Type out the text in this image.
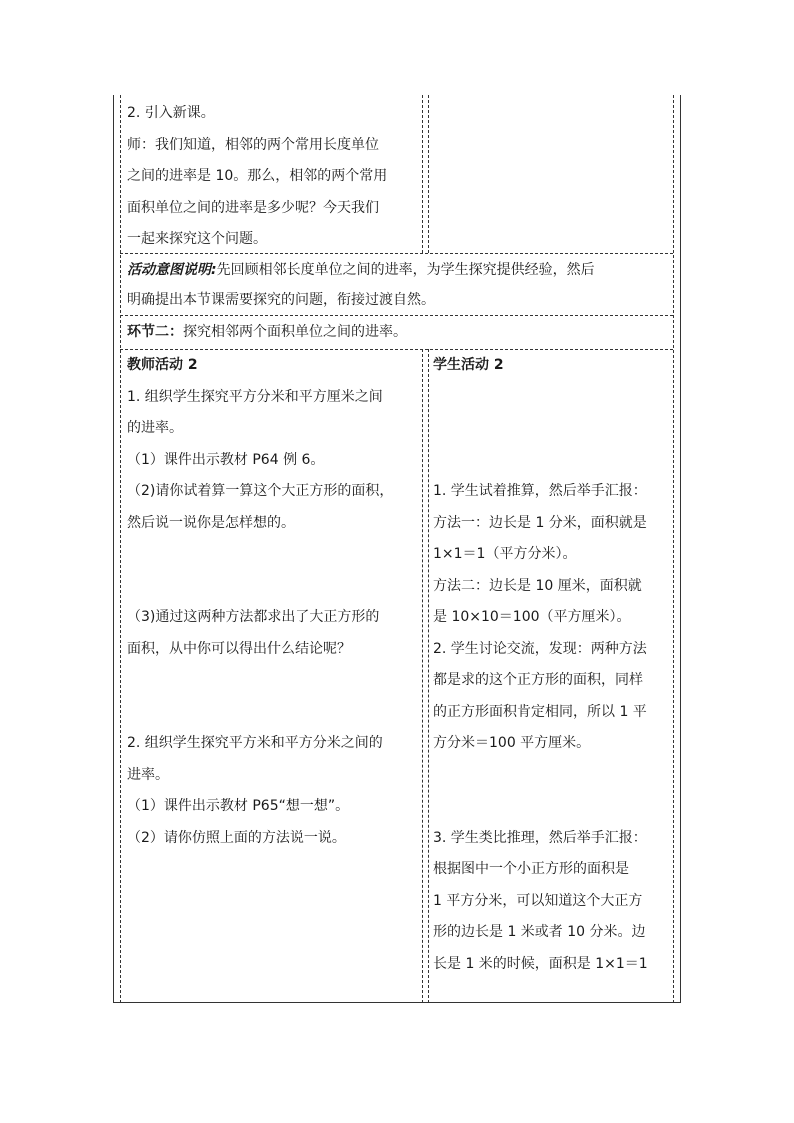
2. 引入新课。
师：我们知道，相邻的两个常用长度单位
之间的进率是 10。那么，相邻的两个常用
面积单位之间的进率是多少呢？今天我们
一起来探究这个问题。
活动意图说明:先回顾相邻长度单位之间的进率，为学生探究提供经验，然后
明确提出本节课需要探究的问题，衔接过渡自然。
环节二：探究相邻两个面积单位之间的进率。
教师活动 2
1. 组织学生探究平方分米和平方厘米之间
的进率。
（1）课件出示教材 P64 例 6。
（2)请你试着算一算这个大正方形的面积，
然后说一说你是怎样想的。
（3)通过这两种方法都求出了大正方形的
面积，从中你可以得出什么结论呢？
2. 组织学生探究平方米和平方分米之间的
进率。
（1）课件出示教材 P65“想一想”。
（2）请你仿照上面的方法说一说。
学生活动 2
1. 学生试着推算，然后举手汇报：
方法一：边长是 1 分米，面积就是
1×1＝1（平方分米）。
方法二：边长是 10 厘米，面积就
是 10×10＝100（平方厘米）。
2. 学生讨论交流，发现：两种方法
都是求的这个正方形的面积，同样
的正方形面积肯定相同，所以 1 平
方分米＝100 平方厘米。
3. 学生类比推理，然后举手汇报：
根据图中一个小正方形的面积是
1 平方分米，可以知道这个大正方
形的边长是 1 米或者 10 分米。边
长是 1 米的时候，面积是 1×1＝1
